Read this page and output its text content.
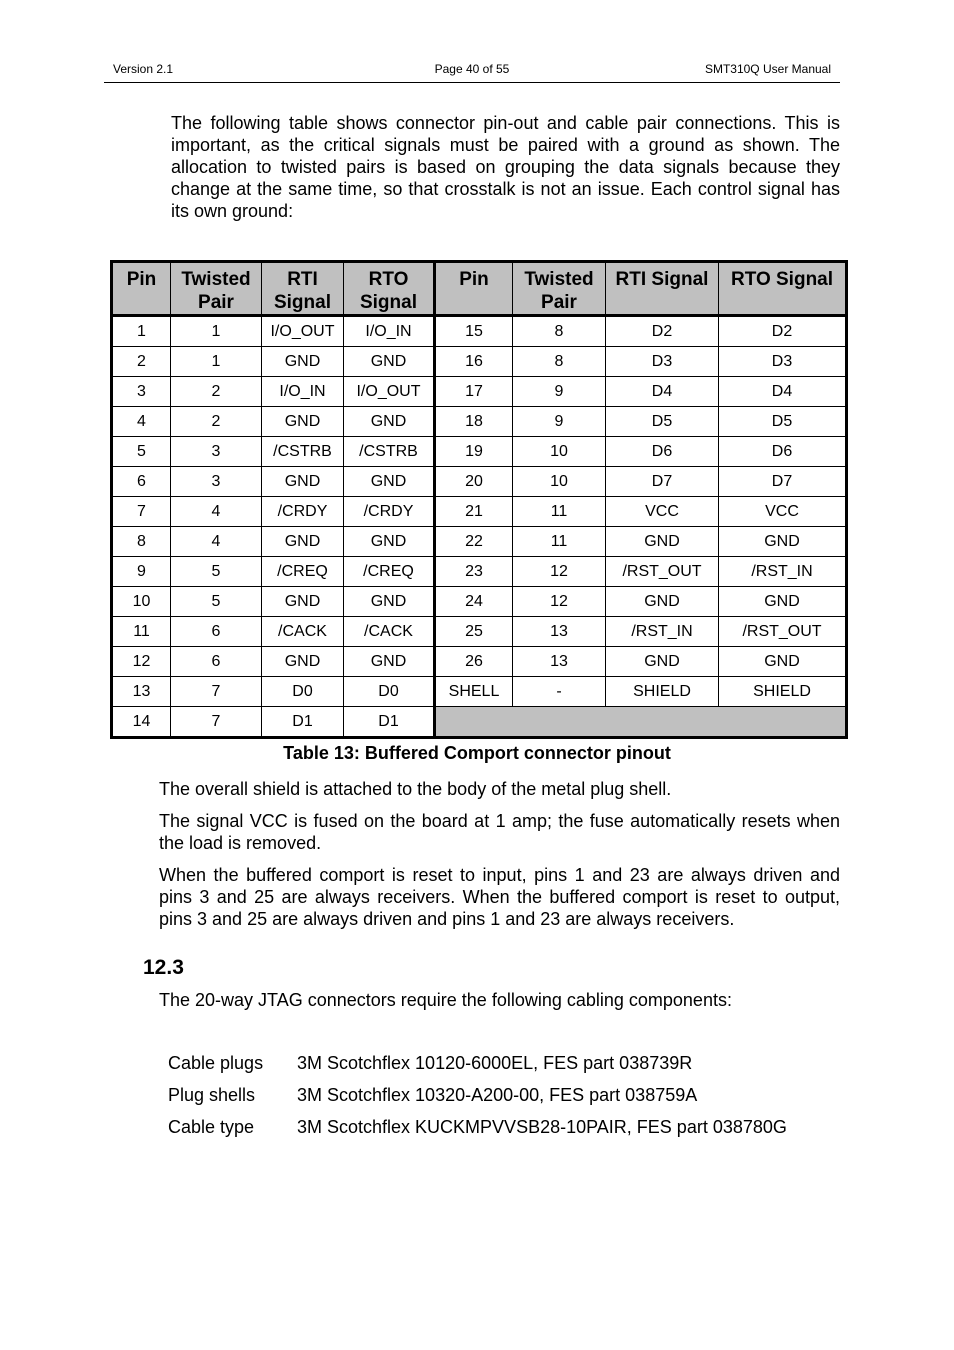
Version 2.1	Page 40 of 55	SMT310Q User Manual

The following table shows connector pin-out and cable pair connections. This is important, as the critical signals must be paired with a ground as shown. The allocation to twisted pairs is based on grouping the data signals because they change at the same time, so that crosstalk is not an issue. Each control signal has its own ground:

Pin	Twisted Pair	RTI Signal	RTO Signal	Pin	Twisted Pair	RTI Signal	RTO Signal
1	1	I/O_OUT	I/O_IN	15	8	D2	D2
2	1	GND	GND	16	8	D3	D3
3	2	I/O_IN	I/O_OUT	17	9	D4	D4
4	2	GND	GND	18	9	D5	D5
5	3	/CSTRB	/CSTRB	19	10	D6	D6
6	3	GND	GND	20	10	D7	D7
7	4	/CRDY	/CRDY	21	11	VCC	VCC
8	4	GND	GND	22	11	GND	GND
9	5	/CREQ	/CREQ	23	12	/RST_OUT	/RST_IN
10	5	GND	GND	24	12	GND	GND
11	6	/CACK	/CACK	25	13	/RST_IN	/RST_OUT
12	6	GND	GND	26	13	GND	GND
13	7	D0	D0	SHELL	-	SHIELD	SHIELD
14	7	D1	D1				

Table 13: Buffered Comport connector pinout

The overall shield is attached to the body of the metal plug shell.

The signal VCC is fused on the board at 1 amp; the fuse automatically resets when the load is removed.

When the buffered comport is reset to input, pins 1 and 23 are always driven and pins 3 and 25 are always receivers. When the buffered comport is reset to output, pins 3 and 25 are always driven and pins 1 and 23 are always receivers.

12.3

The 20-way JTAG connectors require the following cabling components:

Cable plugs	3M Scotchflex 10120-6000EL, FES part 038739R
Plug shells	3M Scotchflex 10320-A200-00, FES part 038759A
Cable type	3M Scotchflex KUCKMPVVSB28-10PAIR, FES part 038780G
